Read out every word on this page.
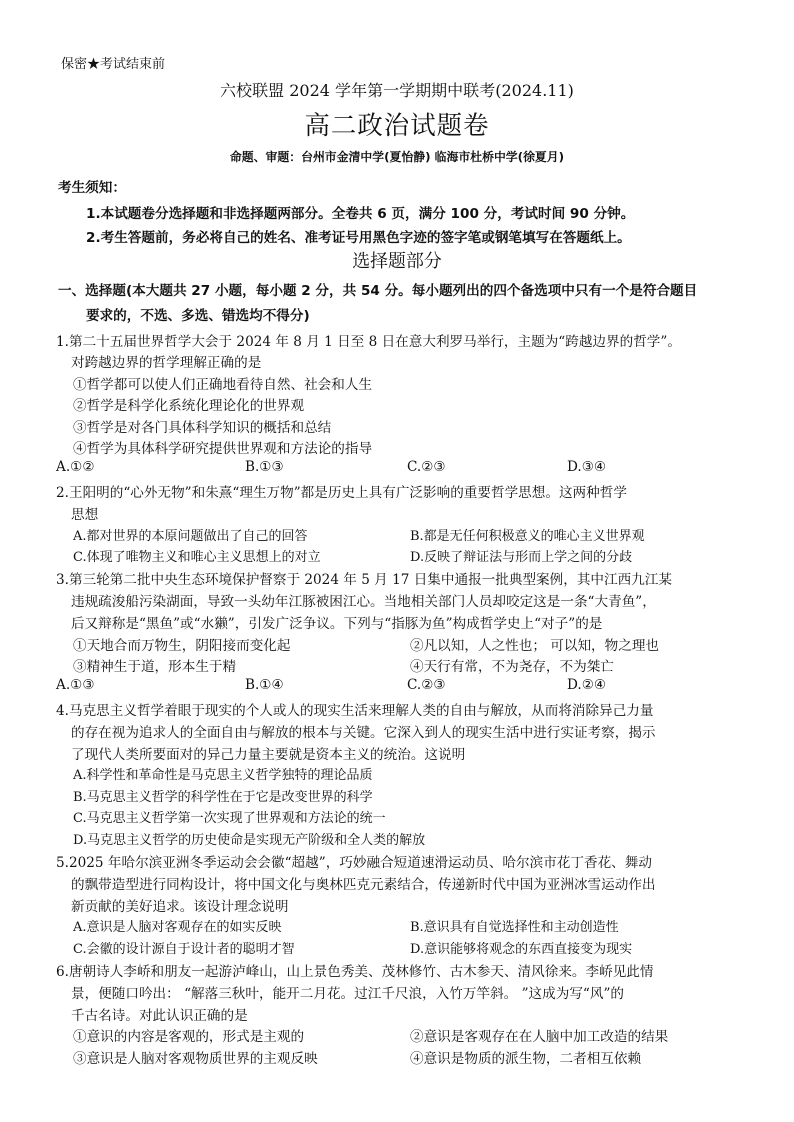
保密★考试结束前
六校联盟 2024 学年第一学期期中联考(2024.11)
高二政治试题卷
命题、审题：台州市金清中学(夏怡静) 临海市杜桥中学(徐夏月)
考生须知：
1.本试题卷分选择题和非选择题两部分。全卷共 6 页，满分 100 分，考试时间 90 分钟。
2.考生答题前，务必将自己的姓名、准考证号用黑色字迹的签字笔或钢笔填写在答题纸上。
选择题部分
一、选择题(本大题共 27 小题，每小题 2 分，共 54 分。每小题列出的四个备选项中只有一个是符合题目
要求的，不选、多选、错选均不得分)
1.第二十五届世界哲学大会于 2024 年 8 月 1 日至 8 日在意大利罗马举行，主题为“跨越边界的哲学”。
对跨越边界的哲学理解正确的是
①哲学都可以使人们正确地看待自然、社会和人生
②哲学是科学化系统化理论化的世界观
③哲学是对各门具体科学知识的概括和总结
④哲学为具体科学研究提供世界观和方法论的指导
A.①②	B.①③	C.②③	D.③④
2.王阳明的“心外无物”和朱熹“理生万物”都是历史上具有广泛影响的重要哲学思想。这两种哲学
思想
A.都对世界的本原问题做出了自己的回答	B.都是无任何积极意义的唯心主义世界观
C.体现了唯物主义和唯心主义思想上的对立	D.反映了辩证法与形而上学之间的分歧
3.第三轮第二批中央生态环境保护督察于 2024 年 5 月 17 日集中通报一批典型案例，其中江西九江某
违规疏浚船污染湖面，导致一头幼年江豚被困江心。当地相关部门人员却咬定这是一条“大青鱼”，
后又辩称是“黑鱼”或“水獭”，引发广泛争议。下列与“指豚为鱼”构成哲学史上“对子”的是
①天地合而万物生，阴阳接而变化起	②凡以知，人之性也； 可以知，物之理也
③精神生于道，形本生于精	④天行有常，不为尧存，不为桀亡
A.①③	B.①④	C.②③	D.②④
4.马克思主义哲学着眼于现实的个人或人的现实生活来理解人类的自由与解放，从而将消除异己力量
的存在视为追求人的全面自由与解放的根本与关键。它深入到人的现实生活中进行实证考察，揭示
了现代人类所要面对的异己力量主要就是资本主义的统治。这说明
A.科学性和革命性是马克思主义哲学独特的理论品质
B.马克思主义哲学的科学性在于它是改变世界的科学
C.马克思主义哲学第一次实现了世界观和方法论的统一
D.马克思主义哲学的历史使命是实现无产阶级和全人类的解放
5.2025 年哈尔滨亚洲冬季运动会会徽“超越”，巧妙融合短道速滑运动员、哈尔滨市花丁香花、舞动
的飘带造型进行同构设计，将中国文化与奥林匹克元素结合，传递新时代中国为亚洲冰雪运动作出
新贡献的美好追求。该设计理念说明
A.意识是人脑对客观存在的如实反映	B.意识具有自觉选择性和主动创造性
C.会徽的设计源自于设计者的聪明才智	D.意识能够将观念的东西直接变为现实
6.唐朝诗人李峤和朋友一起游泸峰山，山上景色秀美、茂林修竹、古木参天、清风徐来。李峤见此情
景，便随口吟出： “解落三秋叶，能开二月花。过江千尺浪，入竹万竿斜。 ”这成为写“风”的
千古名诗。对此认识正确的是
①意识的内容是客观的，形式是主观的	②意识是客观存在在人脑中加工改造的结果
③意识是人脑对客观物质世界的主观反映	④意识是物质的派生物，二者相互依赖
